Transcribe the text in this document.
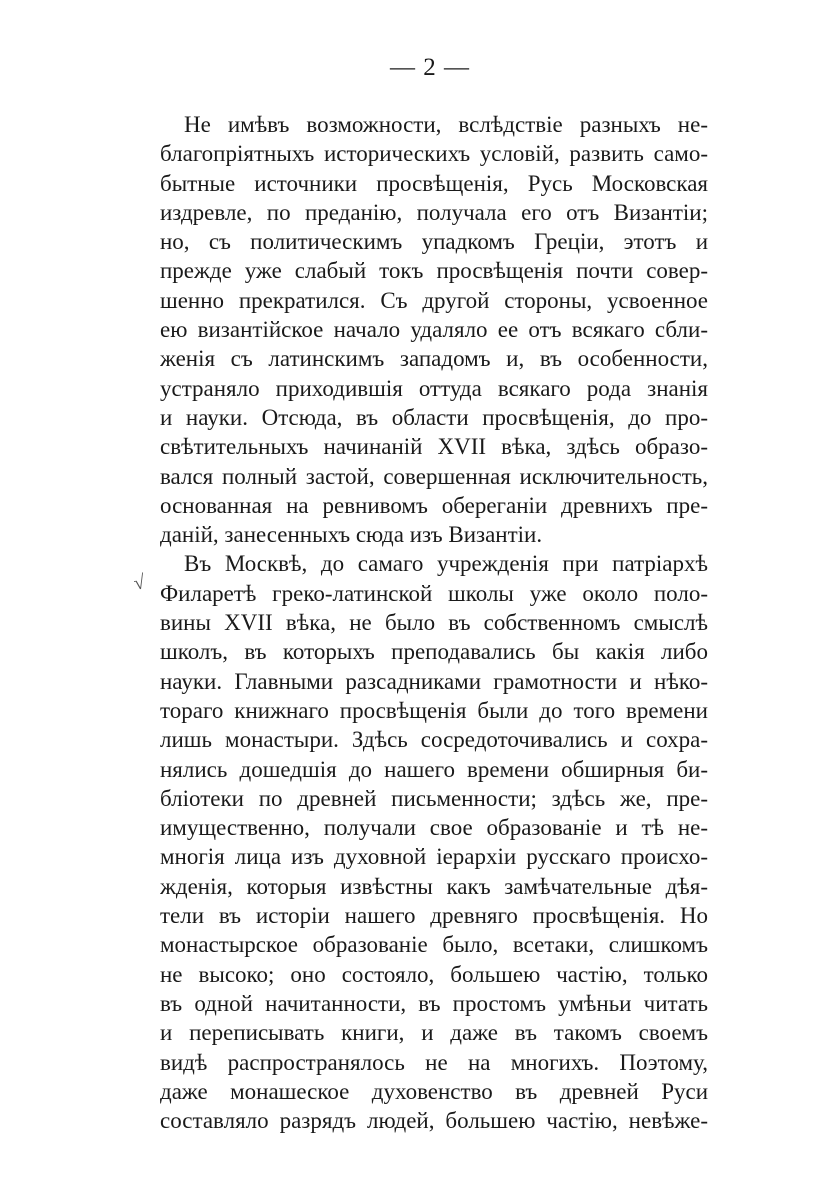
— 2 —
√
Не имѣвъ возможности, вслѣдствіе разныхъ не-
благопріятныхъ историческихъ условій, развить само-
бытные источники просвѣщенія, Русь Московская
издревле, по преданію, получала его отъ Византіи;
но, съ политическимъ упадкомъ Греціи, этотъ и
прежде уже слабый токъ просвѣщенія почти совер-
шенно прекратился. Съ другой стороны, усвоенное
ею византійское начало удаляло ее отъ всякаго сбли-
женія съ латинскимъ западомъ и, въ особенности,
устраняло приходившія оттуда всякаго рода знанія
и науки. Отсюда, въ области просвѣщенія, до про-
свѣтительныхъ начинаній XVII вѣка, здѣсь образо-
вался полный застой, совершенная исключительность,
основанная на ревнивомъ обереганіи древнихъ пре-
даній, занесенныхъ сюда изъ Византіи.
Въ Москвѣ, до самаго учрежденія при патріархѣ
Филаретѣ греко-латинской школы уже около поло-
вины XVII вѣка, не было въ собственномъ смыслѣ
школъ, въ которыхъ преподавались бы какія либо
науки. Главными разсадниками грамотности и нѣко-
тораго книжнаго просвѣщенія были до того времени
лишь монастыри. Здѣсь сосредоточивались и сохра-
нялись дошедшія до нашего времени обширныя би-
бліотеки по древней письменности; здѣсь же, пре-
имущественно, получали свое образованіе и тѣ не-
многія лица изъ духовной іерархіи русскаго происхо-
жденія, которыя извѣстны какъ замѣчательные дѣя-
тели въ исторіи нашего древняго просвѣщенія. Но
монастырское образованіе было, всетаки, слишкомъ
не высоко; оно состояло, большею частію, только
въ одной начитанности, въ простомъ умѣньи читать
и переписывать книги, и даже въ такомъ своемъ
видѣ распространялось не на многихъ. Поэтому,
даже монашеское духовенство въ древней Руси
составляло разрядъ людей, большею частію, невѣже-
